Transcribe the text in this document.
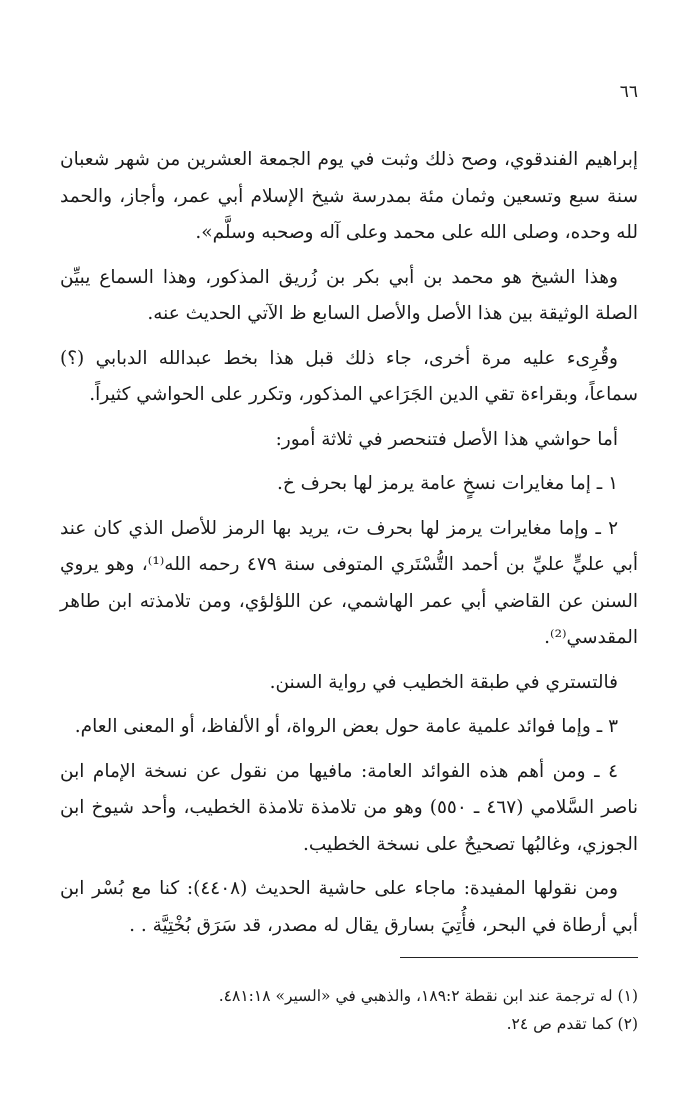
٦٦

إبراهيم الفندقوي، وصح ذلك وثبت في يوم الجمعة العشرين من شهر شعبان سنة سبع وتسعين وثمان مئة بمدرسة شيخ الإسلام أبي عمر، وأجاز، والحمد لله وحده، وصلى الله على محمد وعلى آله وصحبه وسلَّم».

وهذا الشيخ هو محمد بن أبي بكر بن زُريق المذكور، وهذا السماع يبيِّن الصلة الوثيقة بين هذا الأصل والأصل السابع ظ الآتي الحديث عنه.

وقُرِىء عليه مرة أخرى، جاء ذلك قبل هذا بخط عبدالله الدبابي (؟) سماعاً، وبقراءة تقي الدين الجَرَاعي المذكور، وتكرر على الحواشي كثيراً.

أما حواشي هذا الأصل فتنحصر في ثلاثة أمور:

١ ـ إما مغايرات نسخٍ عامة يرمز لها بحرف خ.

٢ ـ وإما مغايرات يرمز لها بحرف ت، يريد بها الرمز للأصل الذي كان عند أبي عليٍّ عليِّ بن أحمد التُّسْتَري المتوفى سنة ٤٧٩ رحمه الله⁽¹⁾، وهو يروي السنن عن القاضي أبي عمر الهاشمي، عن اللؤلؤي، ومن تلامذته ابن طاهر المقدسي⁽²⁾.

فالتستري في طبقة الخطيب في رواية السنن.

٣ ـ وإما فوائد علمية عامة حول بعض الرواة، أو الألفاظ، أو المعنى العام.

٤ ـ ومن أهم هذه الفوائد العامة: مافيها من نقول عن نسخة الإمام ابن ناصر السَّلامي (٤٦٧ ـ ٥٥٠) وهو من تلامذة تلامذة الخطيب، وأحد شيوخ ابن الجوزي، وغالبُها تصحيحٌ على نسخة الخطيب.

ومن نقولها المفيدة: ماجاء على حاشية الحديث (٤٤٠٨): كنا مع بُسْر ابن أبي أرطاة في البحر، فأُتِيَ بسارق يقال له مصدر، قد سَرَق بُخْتِيَّة . .

(١) له ترجمة عند ابن نقطة ١٨٩:٢، والذهبي في «السير» ٤٨١:١٨.

(٢) كما تقدم ص ٢٤.
